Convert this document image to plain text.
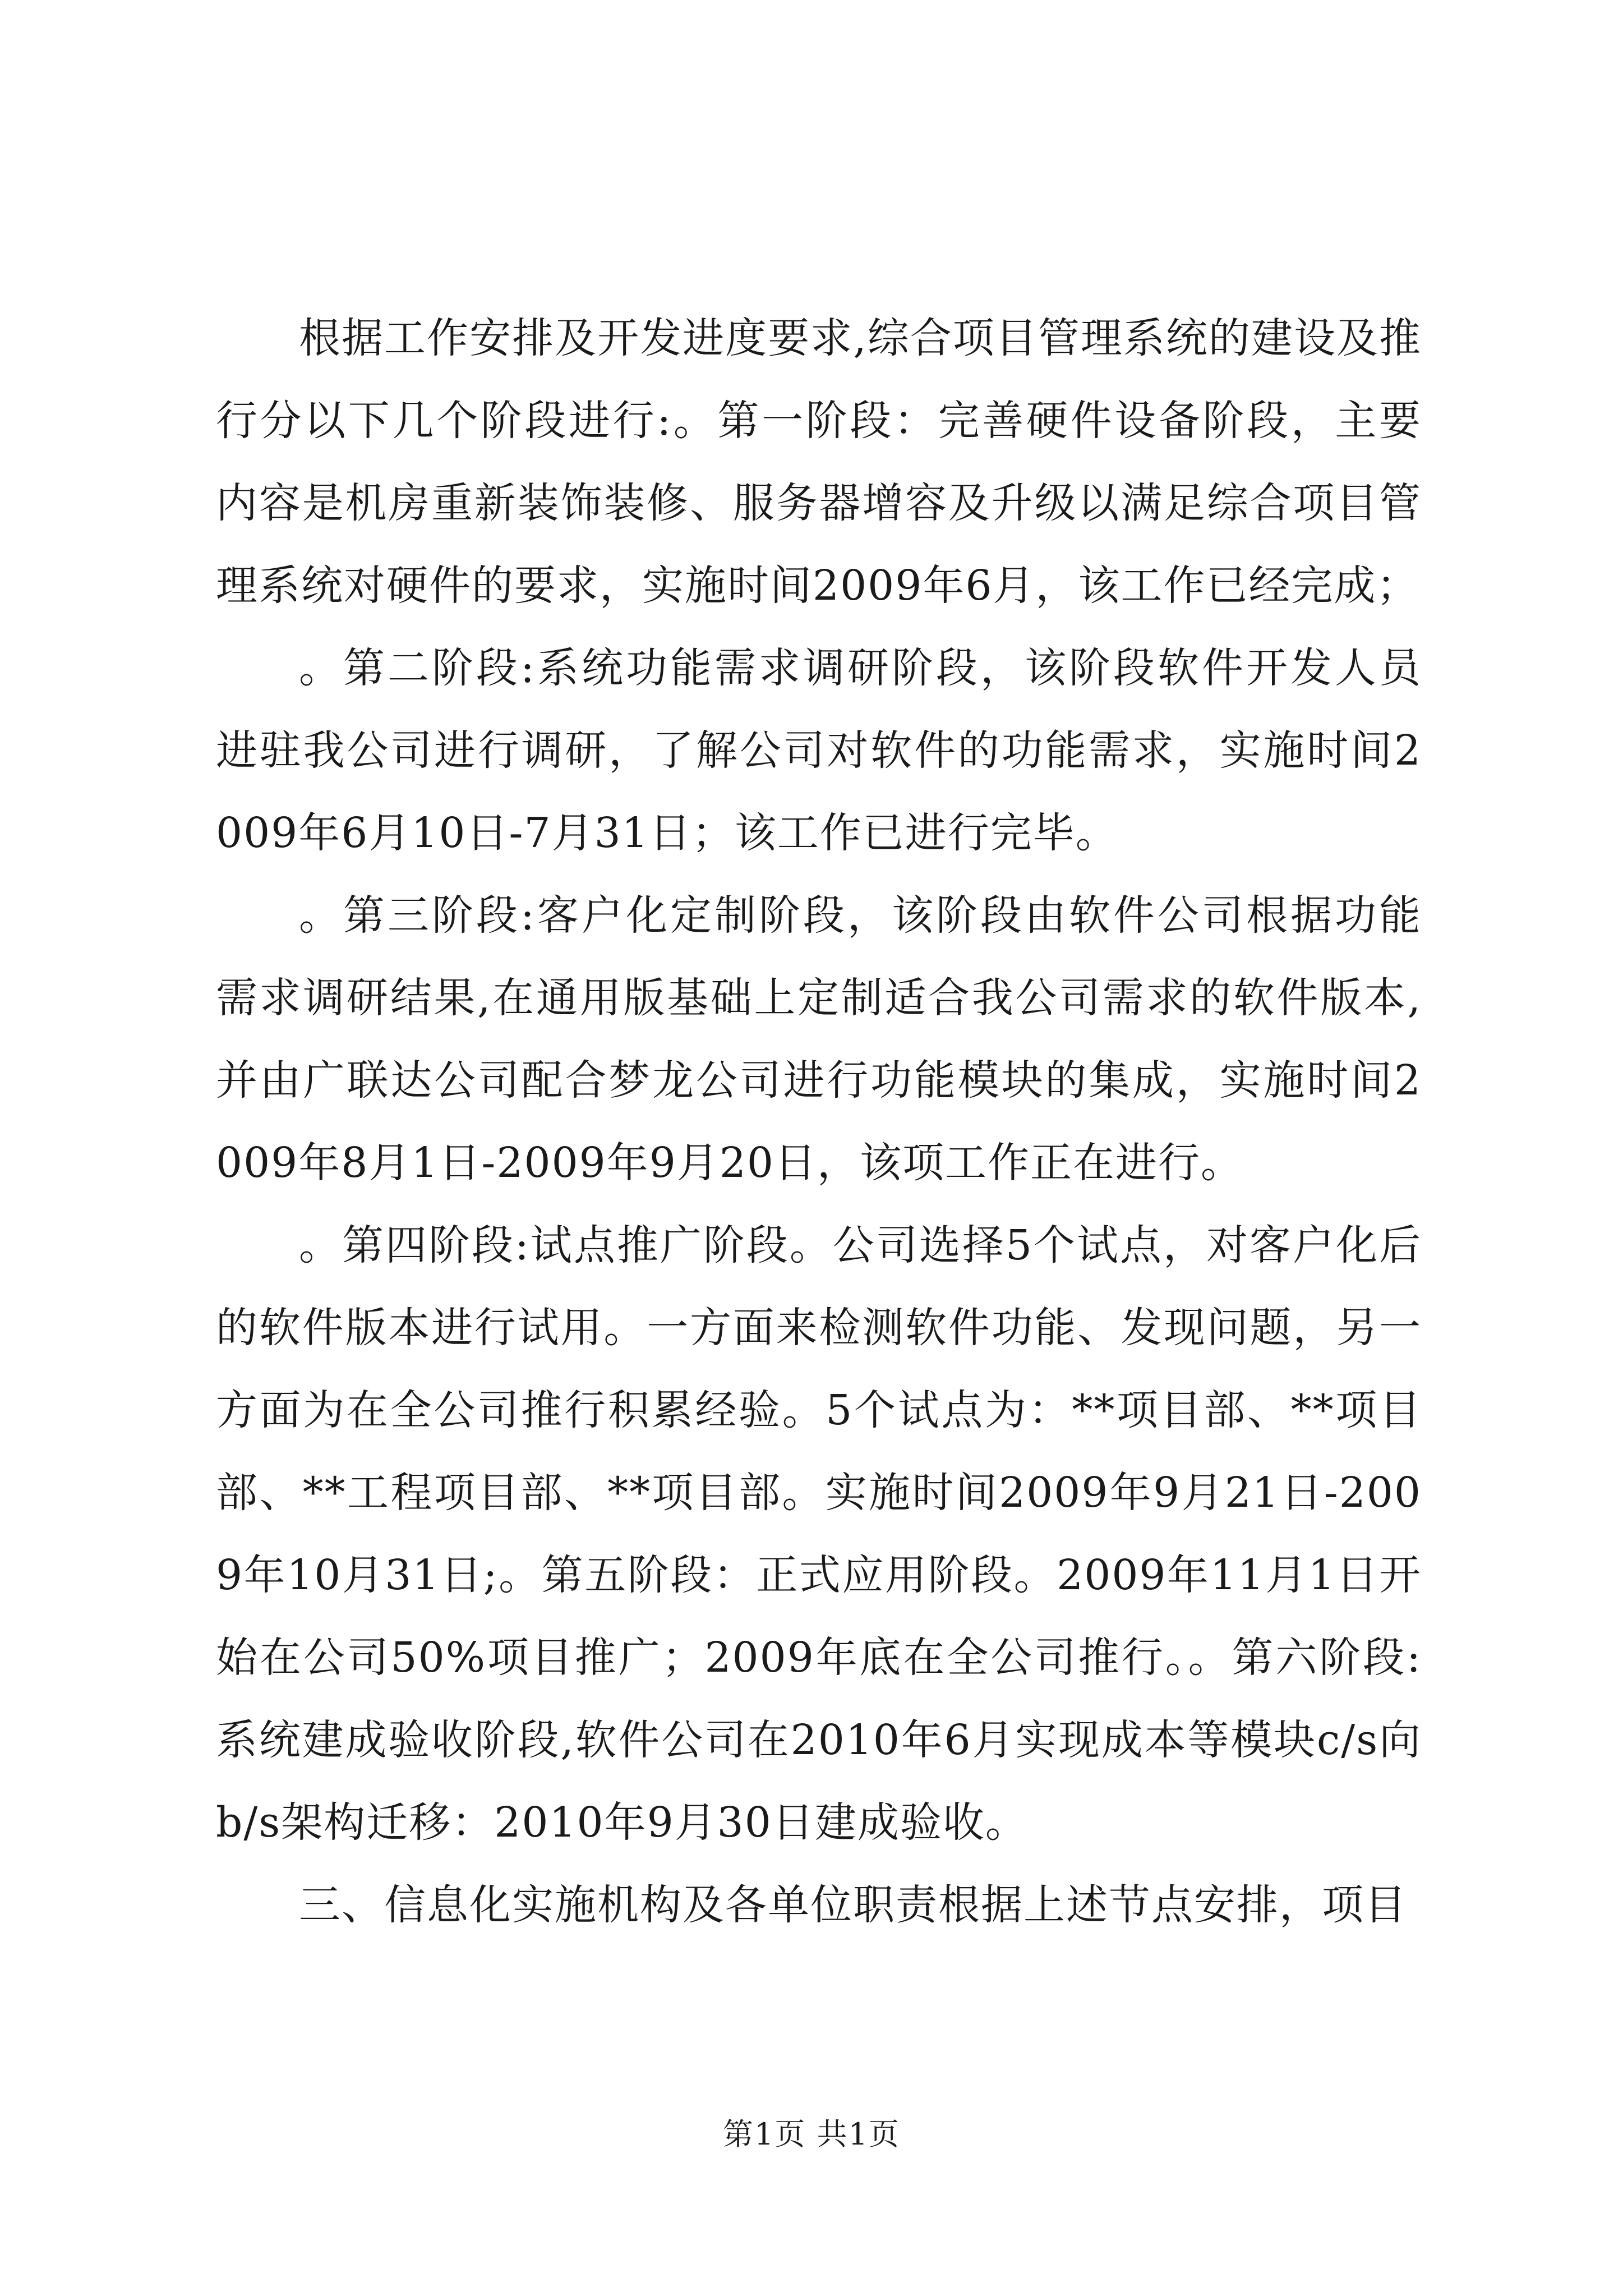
根据工作安排及开发进度要求,综合项目管理系统的建设及推行分以下几个阶段进行:。第一阶段：完善硬件设备阶段，主要内容是机房重新装饰装修、服务器增容及升级以满足综合项目管理系统对硬件的要求，实施时间2009年6月，该工作已经完成；

。第二阶段:系统功能需求调研阶段，该阶段软件开发人员进驻我公司进行调研，了解公司对软件的功能需求，实施时间2009年6月10日-7月31日；该工作已进行完毕。

。第三阶段:客户化定制阶段，该阶段由软件公司根据功能需求调研结果,在通用版基础上定制适合我公司需求的软件版本,并由广联达公司配合梦龙公司进行功能模块的集成，实施时间2009年8月1日-2009年9月20日，该项工作正在进行。

。第四阶段:试点推广阶段。公司选择5个试点，对客户化后的软件版本进行试用。一方面来检测软件功能、发现问题，另一方面为在全公司推行积累经验。5个试点为：**项目部、**项目部、**工程项目部、**项目部。实施时间2009年9月21日-2009年10月31日;。第五阶段：正式应用阶段。2009年11月1日开始在公司50%项目推广；2009年底在全公司推行。。第六阶段:系统建成验收阶段,软件公司在2010年6月实现成本等模块c/s向b/s架构迁移：2010年9月30日建成验收。

三、信息化实施机构及各单位职责根据上述节点安排，项目

第1页 共1页
